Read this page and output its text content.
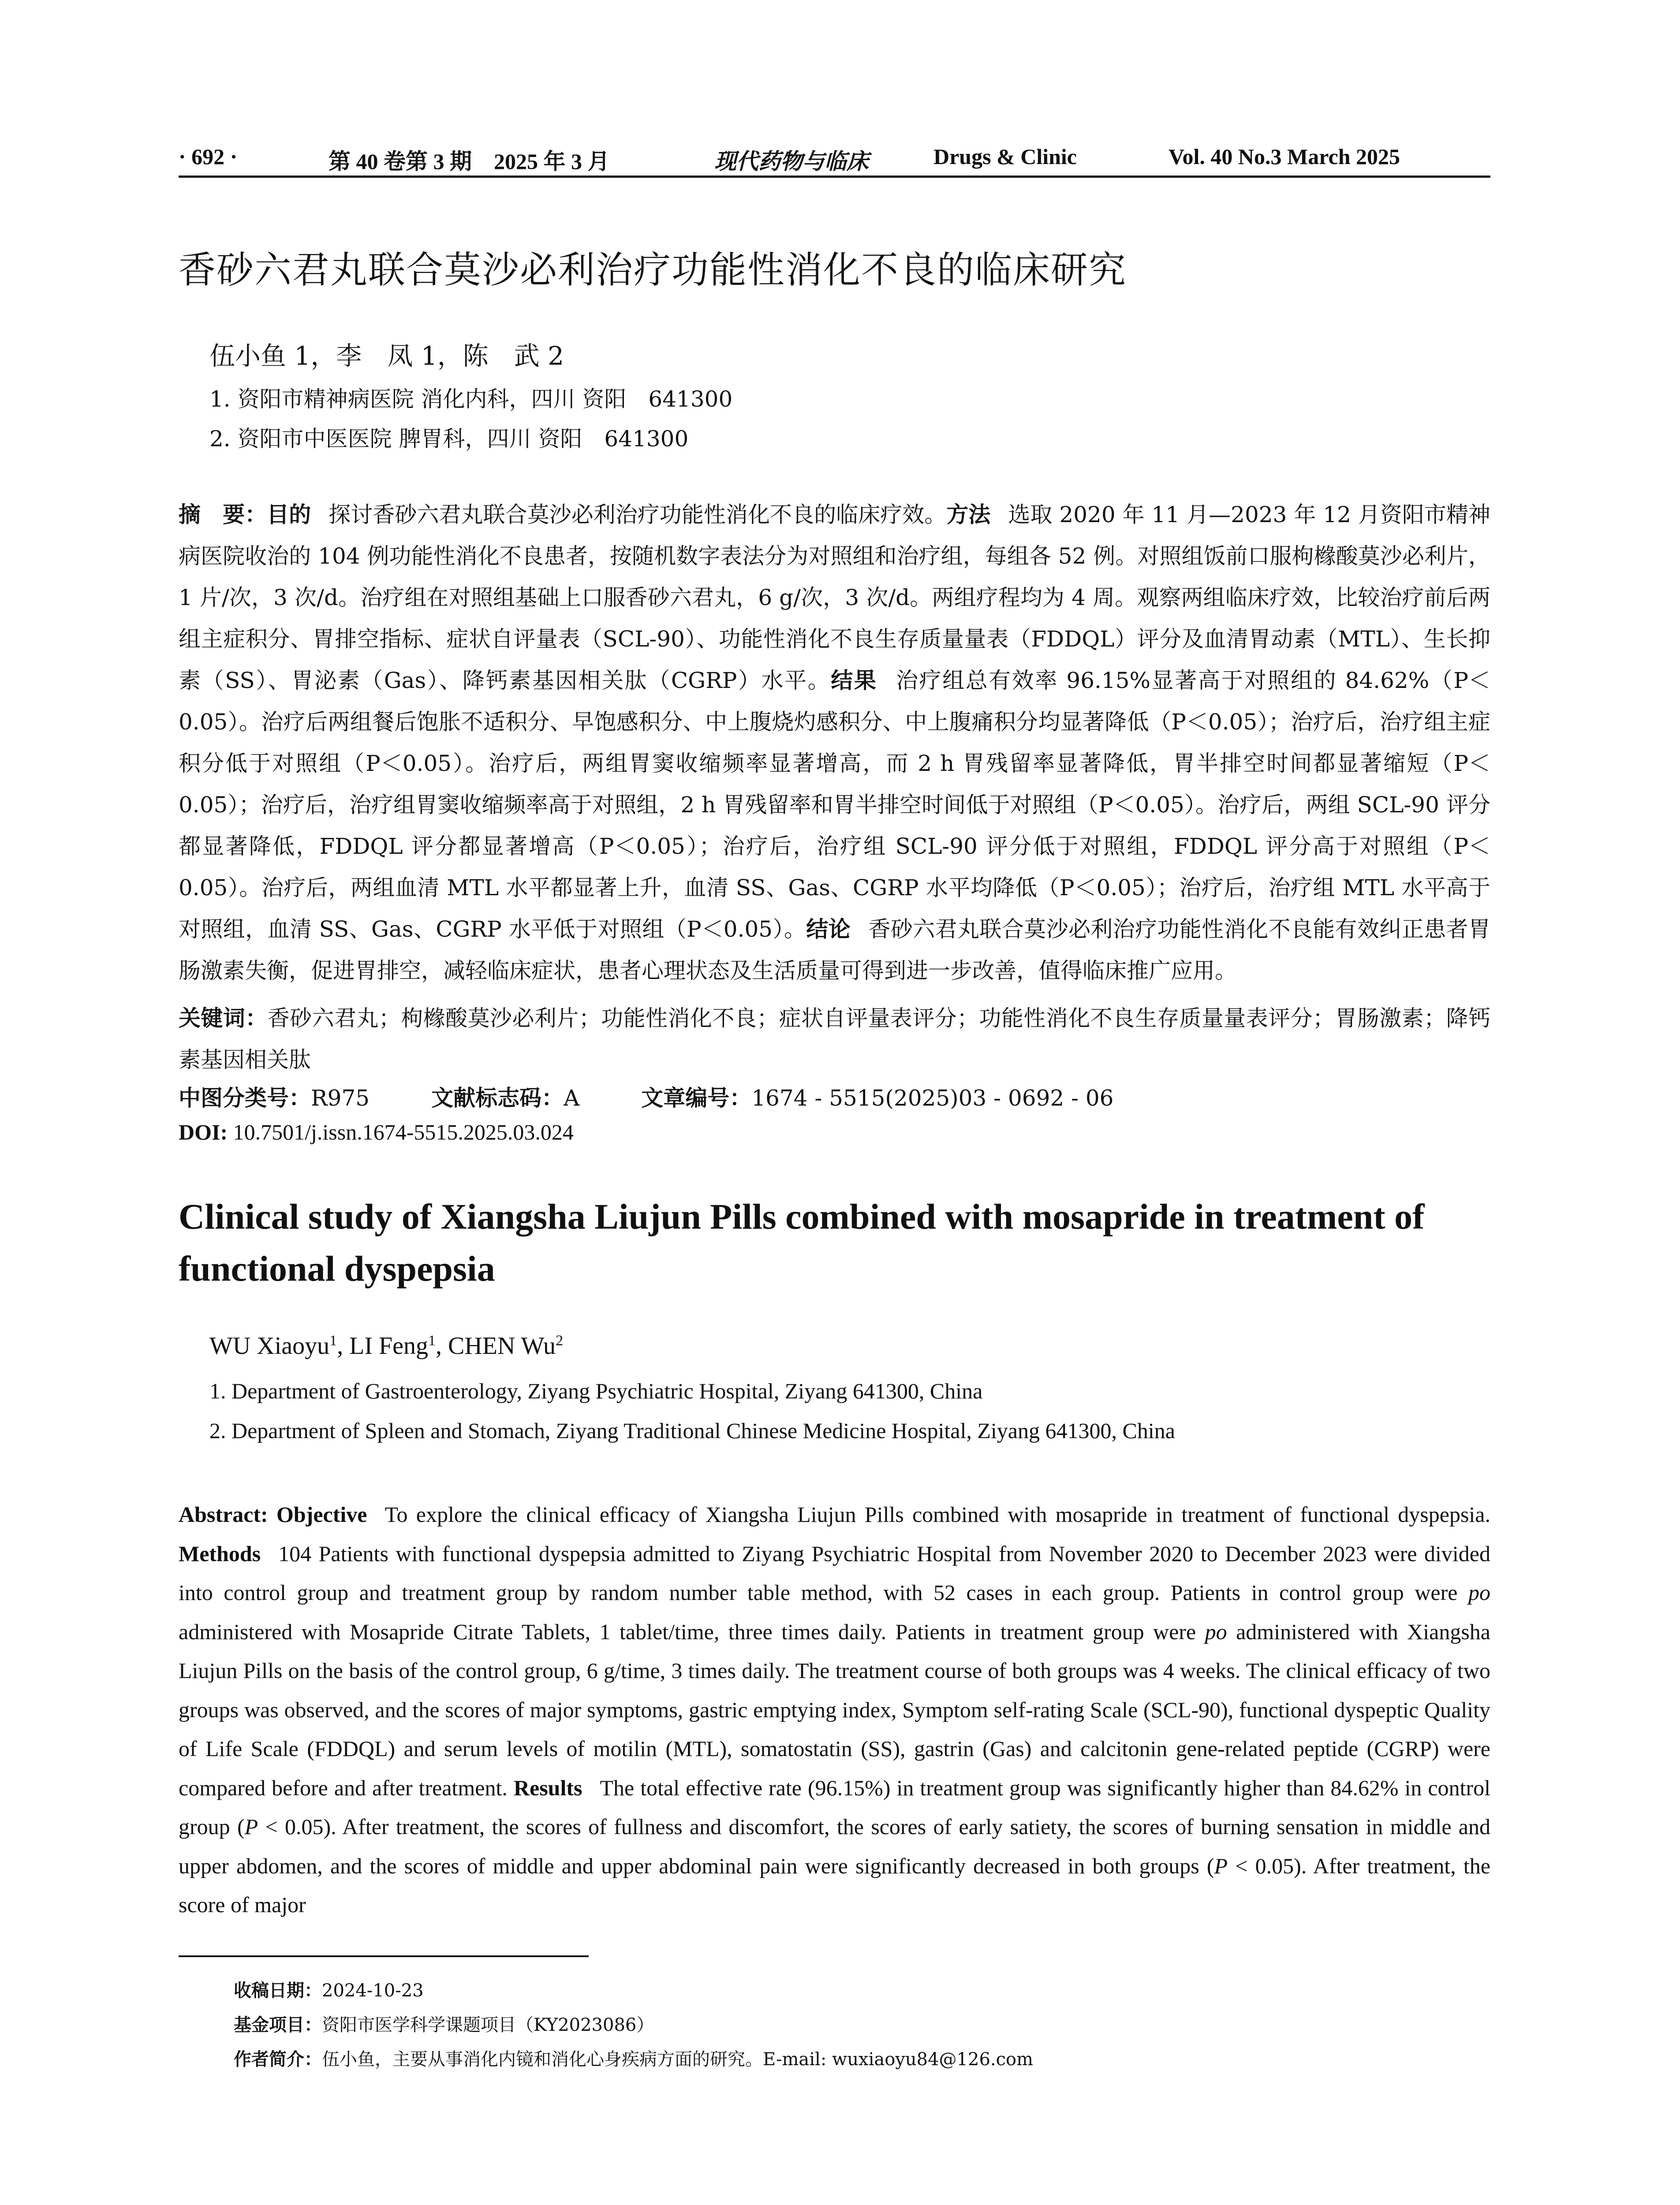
· 692 ·	第 40 卷第 3 期　2025 年 3 月	现代药物与临床	Drugs & Clinic	Vol. 40 No.3 March 2025
香砂六君丸联合莫沙必利治疗功能性消化不良的临床研究
伍小鱼 1，李　凤 1，陈　武 2
1. 资阳市精神病医院 消化内科，四川 资阳　641300
2. 资阳市中医医院 脾胃科，四川 资阳　641300
摘　要：目的 探讨香砂六君丸联合莫沙必利治疗功能性消化不良的临床疗效。方法 选取 2020 年 11 月—2023 年 12 月资阳市精神病医院收治的 104 例功能性消化不良患者，按随机数字表法分为对照组和治疗组，每组各 52 例。对照组饭前口服枸橼酸莫沙必利片，1 片/次，3 次/d。治疗组在对照组基础上口服香砂六君丸，6 g/次，3 次/d。两组疗程均为 4 周。观察两组临床疗效，比较治疗前后两组主症积分、胃排空指标、症状自评量表（SCL-90）、功能性消化不良生存质量量表（FDDQL）评分及血清胃动素（MTL）、生长抑素（SS）、胃泌素（Gas）、降钙素基因相关肽（CGRP）水平。结果 治疗组总有效率 96.15%显著高于对照组的 84.62%（P＜0.05）。治疗后两组餐后饱胀不适积分、早饱感积分、中上腹烧灼感积分、中上腹痛积分均显著降低（P＜0.05）；治疗后，治疗组主症积分低于对照组（P＜0.05）。治疗后，两组胃窦收缩频率显著增高，而 2 h 胃残留率显著降低，胃半排空时间都显著缩短（P＜0.05）；治疗后，治疗组胃窦收缩频率高于对照组，2 h 胃残留率和胃半排空时间低于对照组（P＜0.05）。治疗后，两组 SCL-90 评分都显著降低，FDDQL 评分都显著增高（P＜0.05）；治疗后，治疗组 SCL-90 评分低于对照组，FDDQL 评分高于对照组（P＜0.05）。治疗后，两组血清 MTL 水平都显著上升，血清 SS、Gas、CGRP 水平均降低（P＜0.05）；治疗后，治疗组 MTL 水平高于对照组，血清 SS、Gas、CGRP 水平低于对照组（P＜0.05）。结论 香砂六君丸联合莫沙必利治疗功能性消化不良能有效纠正患者胃肠激素失衡，促进胃排空，减轻临床症状，患者心理状态及生活质量可得到进一步改善，值得临床推广应用。
关键词：香砂六君丸；枸橼酸莫沙必利片；功能性消化不良；症状自评量表评分；功能性消化不良生存质量量表评分；胃肠激素；降钙素基因相关肽
中图分类号：R975	文献标志码：A	文章编号：1674 - 5515(2025)03 - 0692 - 06
DOI: 10.7501/j.issn.1674-5515.2025.03.024
Clinical study of Xiangsha Liujun Pills combined with mosapride in treatment of functional dyspepsia
WU Xiaoyu$^1$, LI Feng$^1$, CHEN Wu$^2$
1. Department of Gastroenterology, Ziyang Psychiatric Hospital, Ziyang 641300, China
2. Department of Spleen and Stomach, Ziyang Traditional Chinese Medicine Hospital, Ziyang 641300, China
Abstract: Objective To explore the clinical efficacy of Xiangsha Liujun Pills combined with mosapride in treatment of functional dyspepsia. Methods 104 Patients with functional dyspepsia admitted to Ziyang Psychiatric Hospital from November 2020 to December 2023 were divided into control group and treatment group by random number table method, with 52 cases in each group. Patients in control group were po administered with Mosapride Citrate Tablets, 1 tablet/time, three times daily. Patients in treatment group were po administered with Xiangsha Liujun Pills on the basis of the control group, 6 g/time, 3 times daily. The treatment course of both groups was 4 weeks. The clinical efficacy of two groups was observed, and the scores of major symptoms, gastric emptying index, Symptom self-rating Scale (SCL-90), functional dyspeptic Quality of Life Scale (FDDQL) and serum levels of motilin (MTL), somatostatin (SS), gastrin (Gas) and calcitonin gene-related peptide (CGRP) were compared before and after treatment. Results The total effective rate (96.15%) in treatment group was significantly higher than 84.62% in control group (P < 0.05). After treatment, the scores of fullness and discomfort, the scores of early satiety, the scores of burning sensation in middle and upper abdomen, and the scores of middle and upper abdominal pain were significantly decreased in both groups (P < 0.05). After treatment, the score of major
收稿日期：2024-10-23
基金项目：资阳市医学科学课题项目（KY2023086）
作者简介：伍小鱼，主要从事消化内镜和消化心身疾病方面的研究。E-mail: wuxiaoyu84@126.com
